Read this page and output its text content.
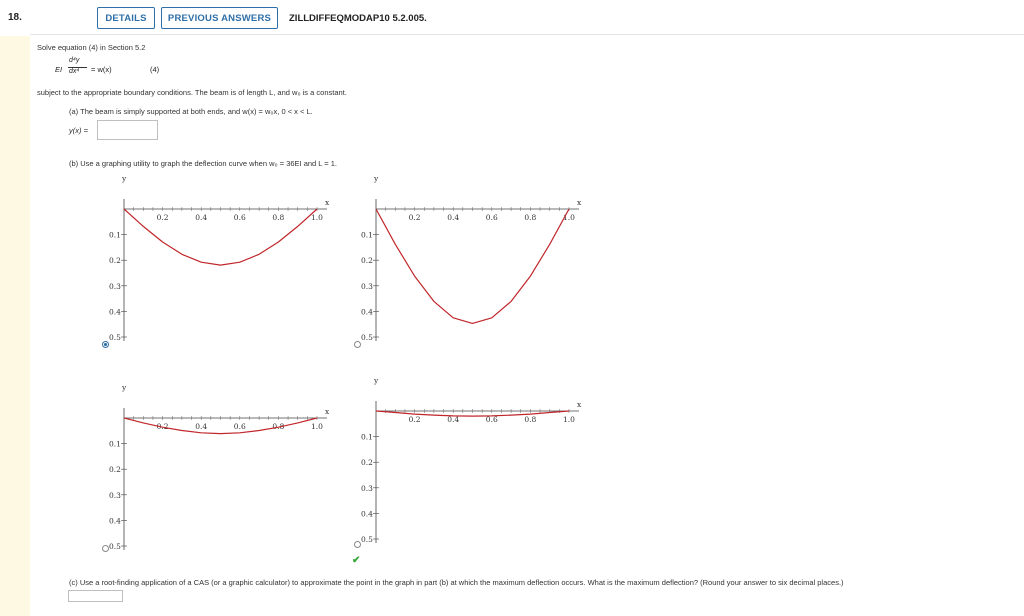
18.	DETAILS	PREVIOUS ANSWERS	ZILLDIFFEQMODAP10 5.2.005.
Solve equation (4) in Section 5.2
EI
d⁴y
dx⁴ = w(x)	(4)
subject to the appropriate boundary conditions. The beam is of length L, and w₀ is a constant.
(a) The beam is simply supported at both ends, and w(x) = w₀x, 0 < x < L.
y(x) =
(b) Use a graphing utility to graph the deflection curve when w₀ = 36EI and L = 1.
x
y
0.2	0.4	0.6	0.8	1.0
0.1
0.2
0.3
0.4
0.5
x
y
0.2	0.4	0.6	0.8	1.0
0.1
0.2
0.3
0.4
0.5
x
y
0.2	0.4	0.6	0.8	1.0
0.1
0.2
0.3
0.4
0.5
x
y
0.2	0.4	0.6	0.8	1.0
0.1
0.2
0.3
0.4
0.5
✔
(c) Use a root-finding application of a CAS (or a graphic calculator) to approximate the point in the graph in part (b) at which the maximum deflection occurs. What is the maximum deflection? (Round your answer to six decimal places.)
